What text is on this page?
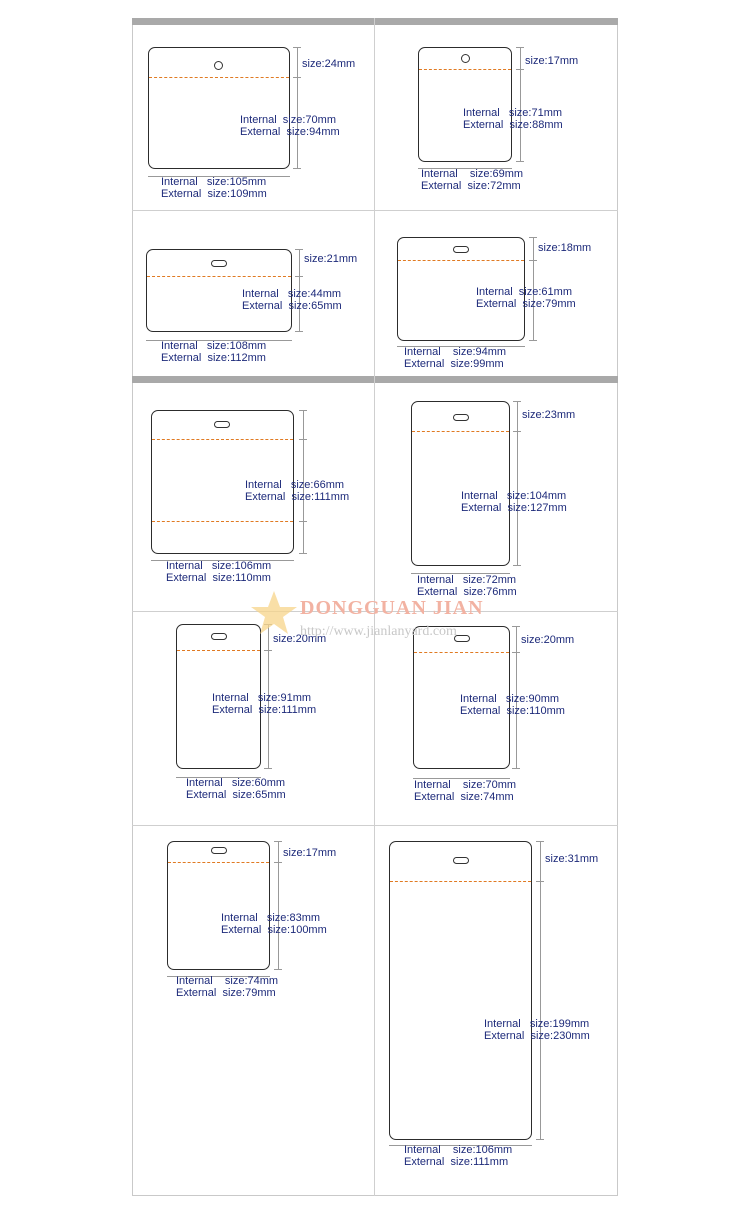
size:24mm
Internal  size:70mm
External  size:94mm
Internal   size:105mm
External  size:109mm
size:17mm
Internal   size:71mm
External  size:88mm
Internal    size:69mm
External  size:72mm
size:21mm
Internal   size:44mm
External  size:65mm
Internal   size:108mm
External  size:112mm
size:18mm
Internal  size:61mm
External  size:79mm
Internal    size:94mm
External  size:99mm
Internal   size:66mm
External  size:111mm
Internal   size:106mm
External  size:110mm
size:23mm
Internal   size:104mm
External  size:127mm
Internal   size:72mm
External  size:76mm
size:20mm
Internal   size:91mm
External  size:111mm
Internal   size:60mm
External  size:65mm
size:20mm
Internal   size:90mm
External  size:110mm
Internal    size:70mm
External  size:74mm
size:17mm
Internal   size:83mm
External  size:100mm
Internal    size:74mm
External  size:79mm
size:31mm
Internal   size:199mm
External  size:230mm
Internal    size:106mm
External  size:111mm
DONGGUAN JIAN
http://www.jianlanyard.com
